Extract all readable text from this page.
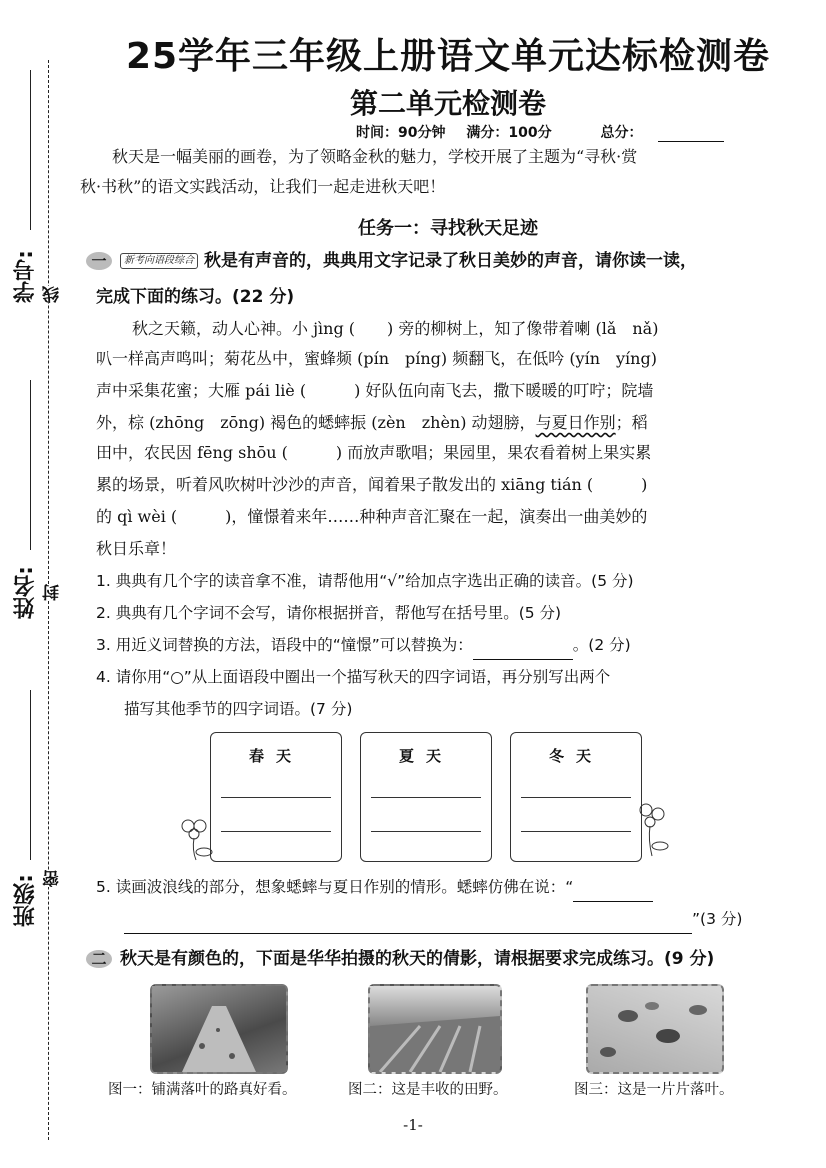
学号:
姓名:
班级:
线
封
密
25学年三年级上册语文单元达标检测卷
第二单元检测卷
时间：90分钟 满分：100分	总分：
秋天是一幅美丽的画卷，为了领略金秋的魅力，学校开展了主题为“寻秋·赏
秋·书秋”的语文实践活动，让我们一起走进秋天吧！
任务一：寻找秋天足迹
一 新考向语段综合 秋是有声音的，典典用文字记录了秋日美妙的声音，请你读一读，
完成下面的练习。(22 分)
秋之天籁，动人心神。小 jìng (　　) 旁的柳树上，知了像带着喇 (lǎ　nǎ)
叭一样高声鸣叫；菊花丛中，蜜蜂频 (pín　píng) 频翻飞，在低吟 (yín　yíng)
声中采集花蜜；大雁 pái liè (　　　) 好队伍向南飞去，撒下暖暖的叮咛；院墙
外，棕 (zhōng　zōng) 褐色的蟋蟀振 (zèn　zhèn) 动翅膀，与夏日作别；稻
田中，农民因 fēng shōu (　　　) 而放声歌唱；果园里，果农看着树上果实累
累的场景，听着风吹树叶沙沙的声音，闻着果子散发出的 xiāng tián (　　　)
的 qì wèi (　　　)，憧憬着来年……种种声音汇聚在一起，演奏出一曲美妙的
秋日乐章！
1. 典典有几个字的读音拿不准，请帮他用“√”给加点字选出正确的读音。(5 分)
2. 典典有几个字词不会写，请你根据拼音，帮他写在括号里。(5 分)
3. 用近义词替换的方法，语段中的“憧憬”可以替换为：	。(2 分)
4. 请你用“○”从上面语段中圈出一个描写秋天的四字词语，再分别写出两个
描写其他季节的四字词语。(7 分)
春天	夏天	冬天
5. 读画波浪线的部分，想象蟋蟀与夏日作别的情形。蟋蟀仿佛在说：“
”(3 分)
二 秋天是有颜色的，下面是华华拍摄的秋天的倩影，请根据要求完成练习。(9 分)
图一：铺满落叶的路真好看。	图二：这是丰收的田野。	图三：这是一片片落叶。
-1-
